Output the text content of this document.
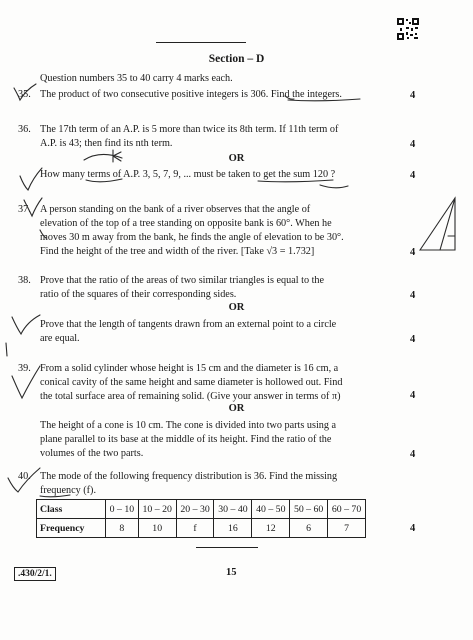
Section – D
Question numbers 35 to 40 carry 4 marks each.
35. The product of two consecutive positive integers is 306. Find the integers.	4
36. The 17th term of an A.P. is 5 more than twice its 8th term. If 11th term of
A.P. is 43; then find its nth term.	4
OR
How many terms of A.P. 3, 5, 7, 9, ... must be taken to get the sum 120 ?	4
37. A person standing on the bank of a river observes that the angle of
elevation of the top of a tree standing on opposite bank is 60°. When he
moves 30 m away from the bank, he finds the angle of elevation to be 30°.
Find the height of the tree and width of the river. [Take √3 = 1.732]	4
38. Prove that the ratio of the areas of two similar triangles is equal to the
ratio of the squares of their corresponding sides.	4
OR
Prove that the length of tangents drawn from an external point to a circle
are equal.	4
39. From a solid cylinder whose height is 15 cm and the diameter is 16 cm, a
conical cavity of the same height and same diameter is hollowed out. Find
the total surface area of remaining solid. (Give your answer in terms of π)	4
OR
The height of a cone is 10 cm. The cone is divided into two parts using a
plane parallel to its base at the middle of its height. Find the ratio of the
volumes of the two parts.	4
40. The mode of the following frequency distribution is 36. Find the missing
frequency (f).
Class	0 – 10	10 – 20	20 – 30	30 – 40	40 – 50	50 – 60	60 – 70
Frequency	8	10	f	16	12	6	7	4
.430/2/1.	15
